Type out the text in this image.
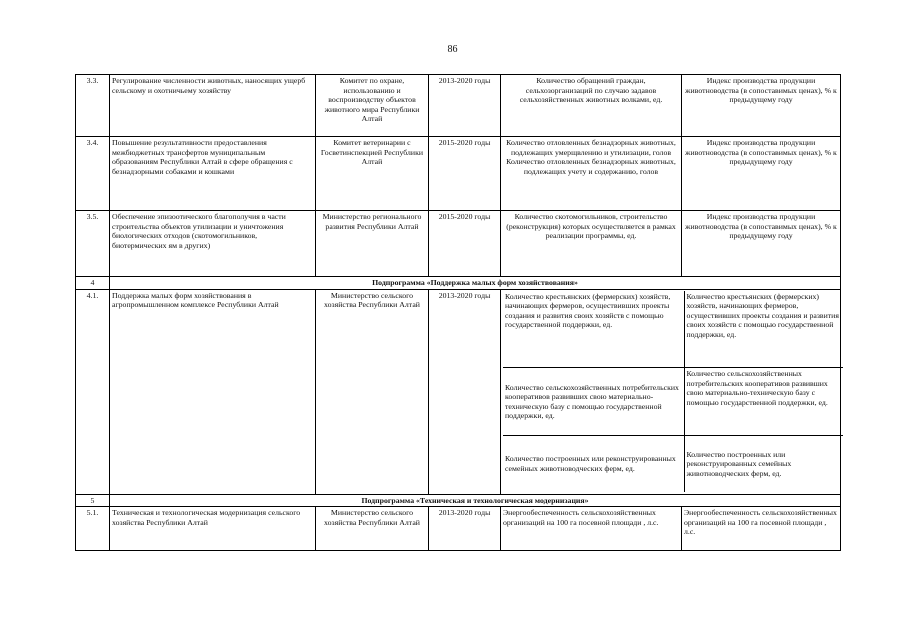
86
3.3.	Регулирование численности животных, наносящих ущерб сельскому и охотничьему хозяйству	Комитет по охране, использованию и воспроизводству объектов животного мира Республики Алтай	2013-2020 годы	Количество обращений граждан, сельхозорганизаций по случаю задавов сельхозяйственных животных волками, ед.	Индекс производства продукции животноводства (в сопоставимых ценах), % к предыдущему году
3.4.	Повышение результативности предоставления межбюджетных трансфертов муниципальным образованиям Республики Алтай в сфере обращения с безнадзорными собаками и кошками	Комитет ветеринарии с Госветинспекцией Республики Алтай	2015-2020 годы	Количество отловленных безнадзорных животных, подлежащих умерщвлению и утилизации, голов Количество отловленных безнадзорных животных, подлежащих учету и содержанию, голов	Индекс производства продукции животноводства (в сопоставимых ценах), % к предыдущему году
3.5.	Обеспечение эпизоотического благополучия в части строительства объектов утилизации и уничтожения биологических отходов (скотомогильников, биотермических ям в других)	Министерство регионального развития Республики Алтай	2015-2020 годы	Количество скотомогильников, строительство (реконструкция) которых осуществляется в рамках реализации программы, ед.	Индекс производства продукции животноводства (в сопоставимых ценах), % к предыдущему году
4	Подпрограмма «Поддержка малых форм хозяйствования»
4.1.	Поддержка малых форм хозяйствования в агропромышленном комплексе Республики Алтай	Министерство сельского хозяйства Республики Алтай	2013-2020 годы	Количество крестьянских (фермерских) хозяйств, начинающих фермеров, осуществивших проекты создания и развития своих хозяйств с помощью государственной поддержки, ед.	Количество крестьянских (фермерских) хозяйств, начинающих фермеров, осуществивших проекты создания и развития своих хозяйств с помощью государственной поддержки, ед.
Количество сельскохозяйственных потребительских кооперативов развивших свою материально-техническую базу с помощью государственной поддержки, ед.	Количество сельскохозяйственных потребительских кооперативов развивших свою материально-техническую базу с помощью государственной поддержки, ед.
Количество построенных или реконструированных семейных животноводческих ферм, ед.	Количество построенных или реконструированных семейных животноводческих ферм, ед.

5	Подпрограмма «Техническая и технологическая модернизация»
5.1.	Техническая и технологическая модернизация сельского хозяйства Республики Алтай	Министерство сельского хозяйства Республики Алтай	2013-2020 годы	Энергообеспеченность сельскохозяйственных организаций на 100 га посевной площади , л.с.	Энергообеспеченность сельскохозяйственных организаций на 100 га посевной площади , л.с.
